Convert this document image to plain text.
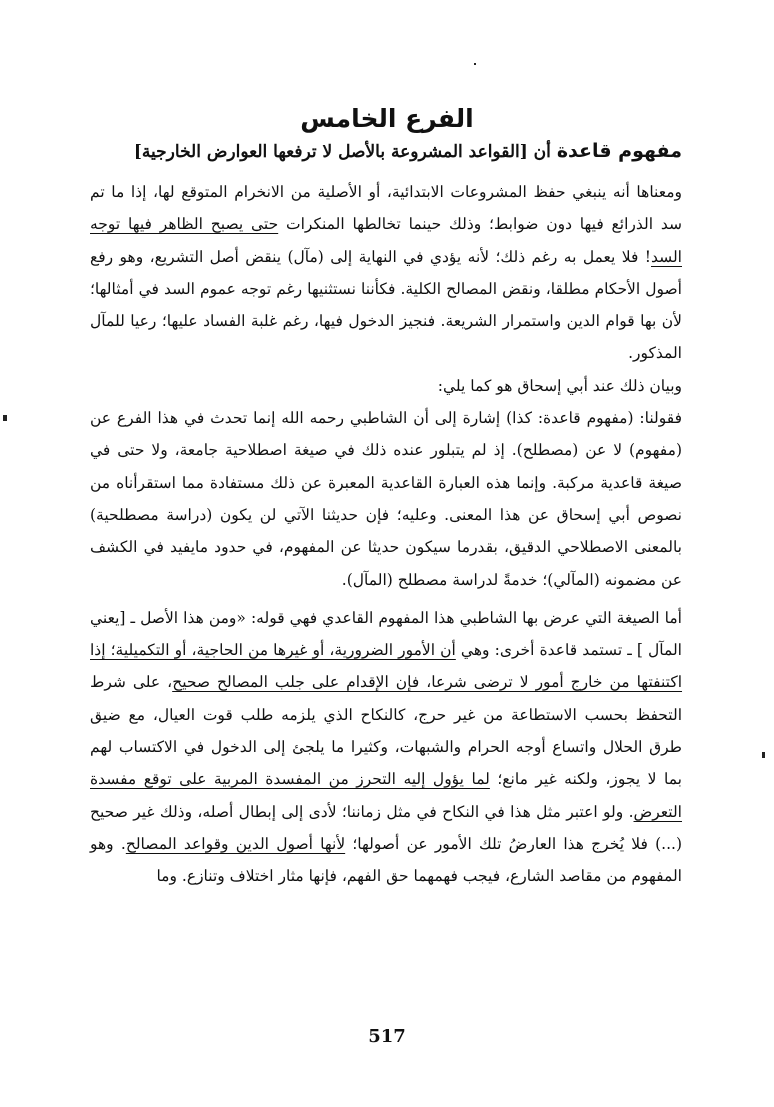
الفرع الخامس
مفهوم قاعدة أن [القواعد المشروعة بالأصل لا ترفعها العوارض الخارجية]

ومعناها أنه ينبغي حفظ المشروعات الابتدائية، أو الأصلية من الانخرام المتوقع لها، إذا ما تم سد الذرائع فيها دون ضوابط؛ وذلك حينما تخالطها المنكرات حتى يصبح الظاهر فيها توجه السد! فلا يعمل به رغم ذلك؛ لأنه يؤدي في النهاية إلى (مآل) ينقض أصل التشريع، وهو رفع أصول الأحكام مطلقا، ونقض المصالح الكلية. فكأننا نستثنيها رغم توجه عموم السد في أمثالها؛ لأن بها قوام الدين واستمرار الشريعة. فنجيز الدخول فيها، رغم غلبة الفساد عليها؛ رعيا للمآل المذكور.

وبيان ذلك عند أبي إسحاق هو كما يلي:

فقولنا: (مفهوم قاعدة: كذا) إشارة إلى أن الشاطبي رحمه الله إنما تحدث في هذا الفرع عن (مفهوم) لا عن (مصطلح). إذ لم يتبلور عنده ذلك في صيغة اصطلاحية جامعة، ولا حتى في صيغة قاعدية مركبة. وإنما هذه العبارة القاعدية المعبرة عن ذلك مستفادة مما استقرأناه من نصوص أبي إسحاق عن هذا المعنى. وعليه؛ فإن حديثنا الآتي لن يكون (دراسة مصطلحية) بالمعنى الاصطلاحي الدقيق، بقدرما سيكون حديثا عن المفهوم، في حدود مايفيد في الكشف عن مضمونه (المآلي)؛ خدمةً لدراسة مصطلح (المآل).

أما الصيغة التي عرض بها الشاطبي هذا المفهوم القاعدي فهي قوله: «ومن هذا الأصل ـ [يعني المآل ] ـ تستمد قاعدة أخرى: وهي أن الأمور الضرورية، أو غيرها من الحاجية، أو التكميلية؛ إذا اكتنفتها من خارج أمور لا ترضى شرعا، فإن الإقدام على جلب المصالح صحيح، على شرط التحفظ بحسب الاستطاعة من غير حرج، كالنكاح الذي يلزمه طلب قوت العيال، مع ضيق طرق الحلال واتساع أوجه الحرام والشبهات، وكثيرا ما يلجئ إلى الدخول في الاكتساب لهم بما لا يجوز، ولكنه غير مانع؛ لما يؤول إليه التحرز من المفسدة المربية على توقع مفسدة التعرض. ولو اعتبر مثل هذا في النكاح في مثل زماننا؛ لأدى إلى إبطال أصله، وذلك غير صحيح (...) فلا يُخرج هذا العارضُ تلك الأمور عن أصولها؛ لأنها أصول الدين وقواعد المصالح. وهو المفهوم من مقاصد الشارع، فيجب فهمهما حق الفهم، فإنها مثار اختلاف وتنازع. وما

517
